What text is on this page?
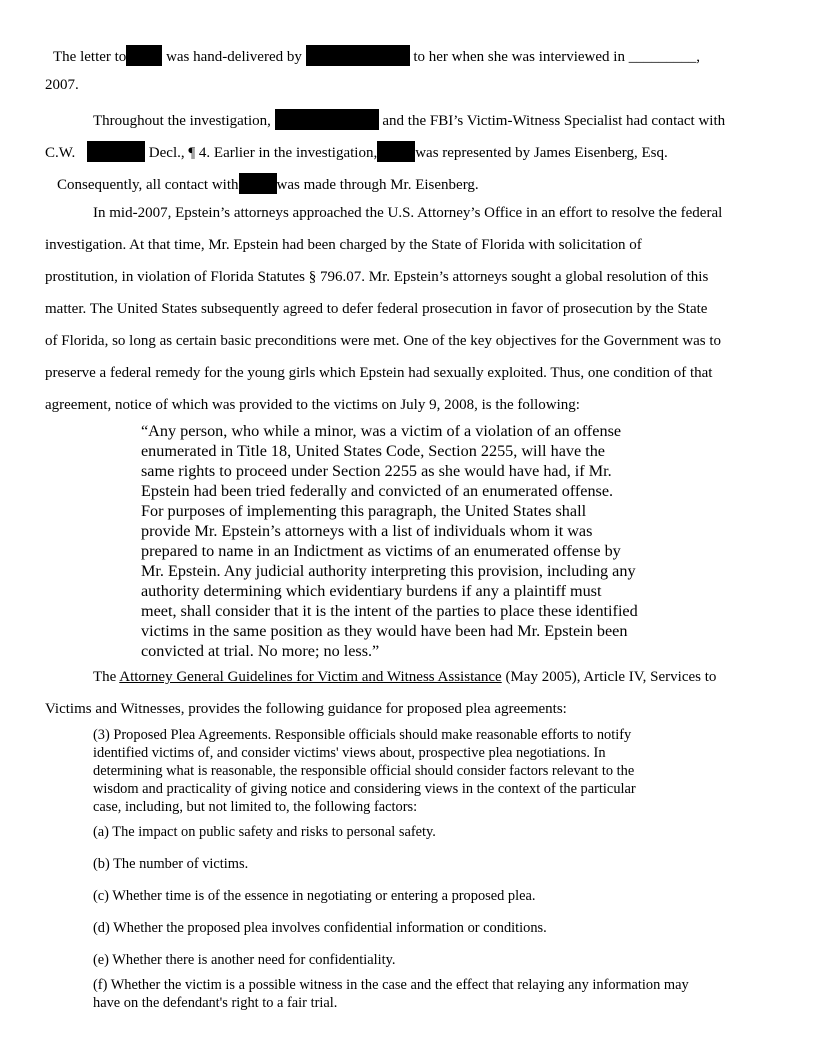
The letter to	was hand-delivered by	to her when she was interviewed in _________,
2007.
Throughout the investigation,	and the FBI’s Victim-Witness Specialist had contact with
C.W.	Decl., ¶ 4. Earlier in the investigation,	was represented by James Eisenberg, Esq.
Consequently, all contact with	was made through Mr. Eisenberg.
In mid-2007, Epstein’s attorneys approached the U.S. Attorney’s Office in an effort to resolve the federal
investigation. At that time, Mr. Epstein had been charged by the State of Florida with solicitation of
prostitution, in violation of Florida Statutes § 796.07. Mr. Epstein’s attorneys sought a global resolution of this
matter. The United States subsequently agreed to defer federal prosecution in favor of prosecution by the State
of Florida, so long as certain basic preconditions were met. One of the key objectives for the Government was to
preserve a federal remedy for the young girls which Epstein had sexually exploited. Thus, one condition of that
agreement, notice of which was provided to the victims on July 9, 2008, is the following:

“Any person, who while a minor, was a victim of a violation of an offense

enumerated in Title 18, United States Code, Section 2255, will have the

same rights to proceed under Section 2255 as she would have had, if Mr.

Epstein had been tried federally and convicted of an enumerated offense.

For purposes of implementing this paragraph, the United States shall

provide Mr. Epstein’s attorneys with a list of individuals whom it was

prepared to name in an Indictment as victims of an enumerated offense by

Mr. Epstein. Any judicial authority interpreting this provision, including any

authority determining which evidentiary burdens if any a plaintiff must

meet, shall consider that it is the intent of the parties to place these identified

victims in the same position as they would have been had Mr. Epstein been

convicted at trial. No more; no less.”

The Attorney General Guidelines for Victim and Witness Assistance (May 2005), Article IV, Services to
Victims and Witnesses, provides the following guidance for proposed plea agreements:

(3) Proposed Plea Agreements. Responsible officials should make reasonable efforts to notify

identified victims of, and consider victims' views about, prospective plea negotiations. In

determining what is reasonable, the responsible official should consider factors relevant to the

wisdom and practicality of giving notice and considering views in the context of the particular

case, including, but not limited to, the following factors:

(a) The impact on public safety and risks to personal safety.

(b) The number of victims.

(c) Whether time is of the essence in negotiating or entering a proposed plea.

(d) Whether the proposed plea involves confidential information or conditions.

(e) Whether there is another need for confidentiality.

(f) Whether the victim is a possible witness in the case and the effect that relaying any information may

have on the defendant's right to a fair trial.
